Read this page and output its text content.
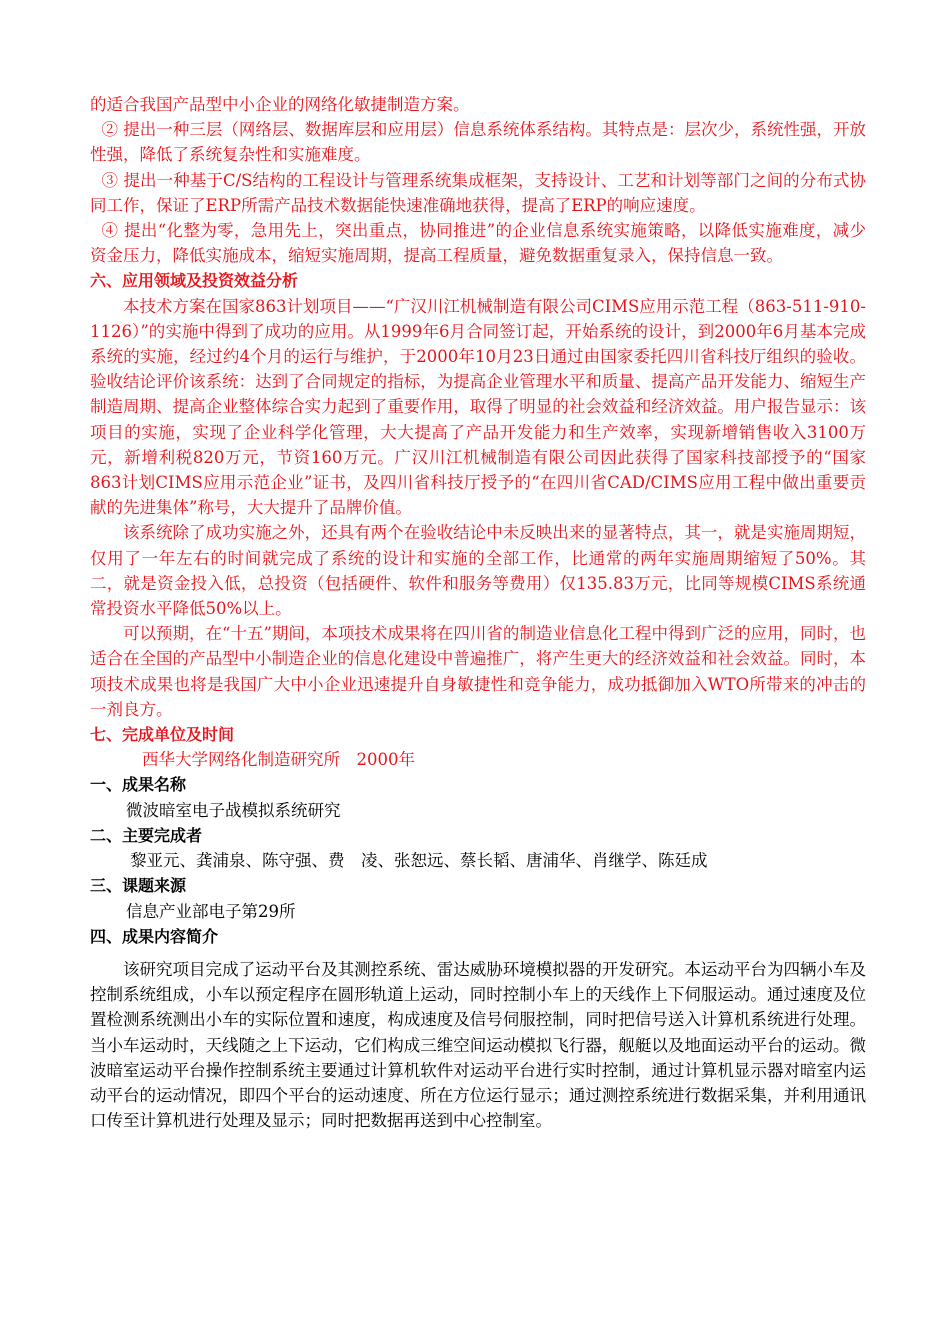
的适合我国产品型中小企业的网络化敏捷制造方案。

② 提出一种三层（网络层、数据库层和应用层）信息系统体系结构。其特点是：层次少，系统性强，开放性强，降低了系统复杂性和实施难度。

③ 提出一种基于C/S结构的工程设计与管理系统集成框架，支持设计、工艺和计划等部门之间的分布式协同工作，保证了ERP所需产品技术数据能快速准确地获得，提高了ERP的响应速度。

④ 提出“化整为零，急用先上，突出重点，协同推进”的企业信息系统实施策略，以降低实施难度，减少资金压力，降低实施成本，缩短实施周期，提高工程质量，避免数据重复录入，保持信息一致。

六、应用领域及投资效益分析

本技术方案在国家863计划项目——“广汉川江机械制造有限公司CIMS应用示范工程（863-511-910-1126）”的实施中得到了成功的应用。从1999年6月合同签订起，开始系统的设计，到2000年6月基本完成系统的实施，经过约4个月的运行与维护，于2000年10月23日通过由国家委托四川省科技厅组织的验收。验收结论评价该系统：达到了合同规定的指标，为提高企业管理水平和质量、提高产品开发能力、缩短生产制造周期、提高企业整体综合实力起到了重要作用，取得了明显的社会效益和经济效益。用户报告显示：该项目的实施，实现了企业科学化管理，大大提高了产品开发能力和生产效率，实现新增销售收入3100万元，新增利税820万元，节资160万元。广汉川江机械制造有限公司因此获得了国家科技部授予的“国家863计划CIMS应用示范企业”证书，及四川省科技厅授予的“在四川省CAD/CIMS应用工程中做出重要贡献的先进集体”称号，大大提升了品牌价值。

该系统除了成功实施之外，还具有两个在验收结论中未反映出来的显著特点，其一，就是实施周期短，仅用了一年左右的时间就完成了系统的设计和实施的全部工作，比通常的两年实施周期缩短了50%。其二，就是资金投入低，总投资（包括硬件、软件和服务等费用）仅135.83万元，比同等规模CIMS系统通常投资水平降低50%以上。

可以预期，在“十五”期间，本项技术成果将在四川省的制造业信息化工程中得到广泛的应用，同时，也适合在全国的产品型中小制造企业的信息化建设中普遍推广，将产生更大的经济效益和社会效益。同时，本项技术成果也将是我国广大中小企业迅速提升自身敏捷性和竞争能力，成功抵御加入WTO所带来的冲击的一剂良方。

七、完成单位及时间

西华大学网络化制造研究所　2000年

一、成果名称

微波暗室电子战模拟系统研究

二、主要完成者

黎亚元、龚浦泉、陈守强、费　凌、张恕远、蔡长韬、唐浦华、肖继学、陈廷成

三、课题来源

信息产业部电子第29所

四、成果内容简介

该研究项目完成了运动平台及其测控系统、雷达威胁环境模拟器的开发研究。本运动平台为四辆小车及控制系统组成，小车以预定程序在圆形轨道上运动，同时控制小车上的天线作上下伺服运动。通过速度及位置检测系统测出小车的实际位置和速度，构成速度及信号伺服控制，同时把信号送入计算机系统进行处理。当小车运动时，天线随之上下运动，它们构成三维空间运动模拟飞行器，舰艇以及地面运动平台的运动。微波暗室运动平台操作控制系统主要通过计算机软件对运动平台进行实时控制，通过计算机显示器对暗室内运动平台的运动情况，即四个平台的运动速度、所在方位运行显示；通过测控系统进行数据采集，并利用通讯口传至计算机进行处理及显示；同时把数据再送到中心控制室。
